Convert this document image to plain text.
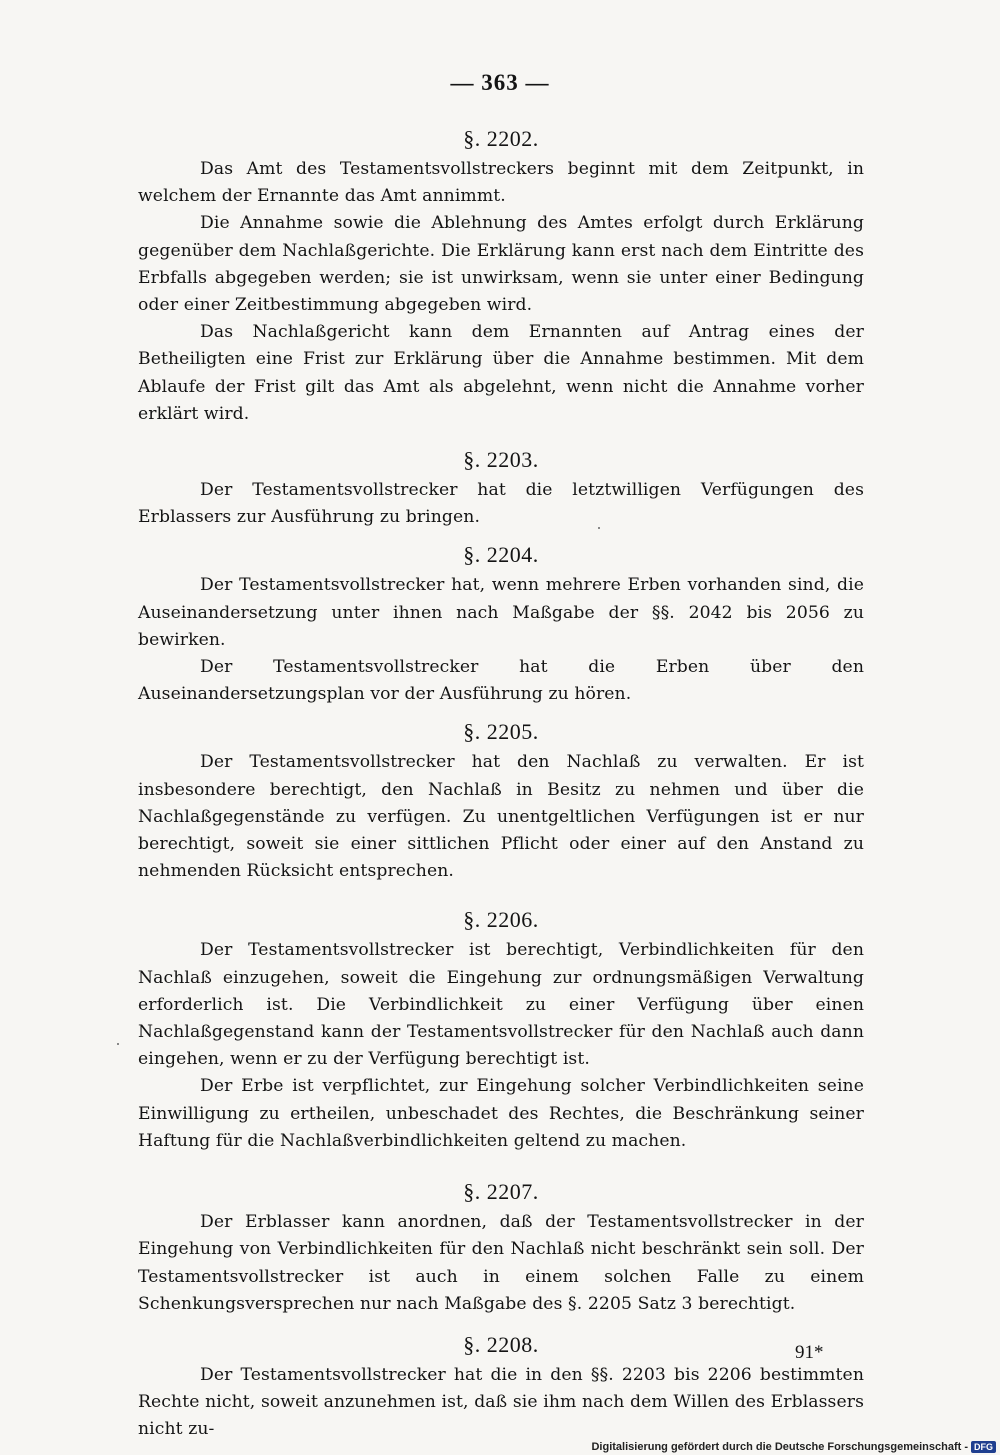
— 363 —
§. 2202.

Das Amt des Testamentsvollstreckers beginnt mit dem Zeitpunkt, in welchem der Ernannte das Amt annimmt.

Die Annahme sowie die Ablehnung des Amtes erfolgt durch Erklärung gegenüber dem Nachlaßgerichte. Die Erklärung kann erst nach dem Eintritte des Erbfalls abgegeben werden; sie ist unwirksam, wenn sie unter einer Bedingung oder einer Zeitbestimmung abgegeben wird.

Das Nachlaßgericht kann dem Ernannten auf Antrag eines der Betheiligten eine Frist zur Erklärung über die Annahme bestimmen. Mit dem Ablaufe der Frist gilt das Amt als abgelehnt, wenn nicht die Annahme vorher erklärt wird.

§. 2203.

Der Testamentsvollstrecker hat die letztwilligen Verfügungen des Erblassers zur Ausführung zu bringen.

§. 2204.

Der Testamentsvollstrecker hat, wenn mehrere Erben vorhanden sind, die Auseinandersetzung unter ihnen nach Maßgabe der §§. 2042 bis 2056 zu bewirken.

Der Testamentsvollstrecker hat die Erben über den Auseinandersetzungsplan vor der Ausführung zu hören.

§. 2205.

Der Testamentsvollstrecker hat den Nachlaß zu verwalten. Er ist insbesondere berechtigt, den Nachlaß in Besitz zu nehmen und über die Nachlaßgegenstände zu verfügen. Zu unentgeltlichen Verfügungen ist er nur berechtigt, soweit sie einer sittlichen Pflicht oder einer auf den Anstand zu nehmenden Rücksicht entsprechen.

§. 2206.

Der Testamentsvollstrecker ist berechtigt, Verbindlichkeiten für den Nachlaß einzugehen, soweit die Eingehung zur ordnungsmäßigen Verwaltung erforderlich ist. Die Verbindlichkeit zu einer Verfügung über einen Nachlaßgegenstand kann der Testamentsvollstrecker für den Nachlaß auch dann eingehen, wenn er zu der Verfügung berechtigt ist.

Der Erbe ist verpflichtet, zur Eingehung solcher Verbindlichkeiten seine Einwilligung zu ertheilen, unbeschadet des Rechtes, die Beschränkung seiner Haftung für die Nachlaßverbindlichkeiten geltend zu machen.

§. 2207.

Der Erblasser kann anordnen, daß der Testamentsvollstrecker in der Eingehung von Verbindlichkeiten für den Nachlaß nicht beschränkt sein soll. Der Testamentsvollstrecker ist auch in einem solchen Falle zu einem Schenkungsversprechen nur nach Maßgabe des §. 2205 Satz 3 berechtigt.

§. 2208.

Der Testamentsvollstrecker hat die in den §§. 2203 bis 2206 bestimmten Rechte nicht, soweit anzunehmen ist, daß sie ihm nach dem Willen des Erblassers nicht zu-

91*
Digitalisierung gefördert durch die Deutsche Forschungsgemeinschaft - DFG
